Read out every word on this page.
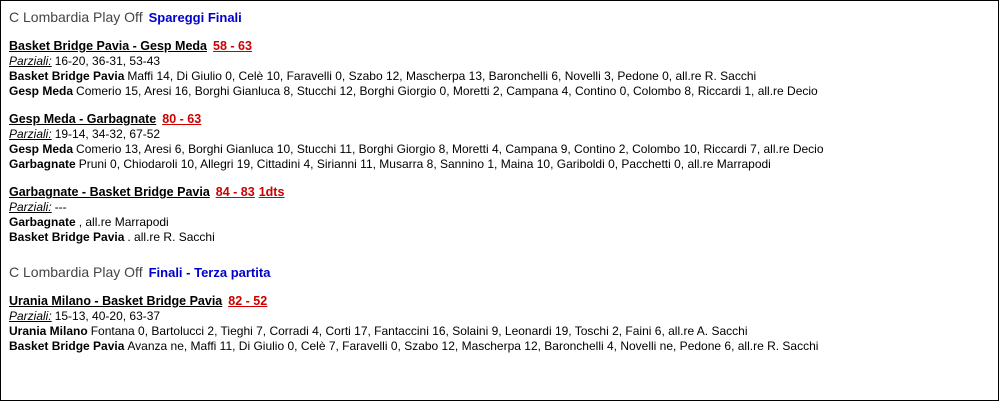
C Lombardia Play Off Spareggi Finali
Basket Bridge Pavia - Gesp Meda 58 - 63
Parziali: 16-20, 36-31, 53-43
Basket Bridge Pavia Maffi 14, Di Giulio 0, Celè 10, Faravelli 0, Szabo 12, Mascherpa 13, Baronchelli 6, Novelli 3, Pedone 0, all.re R. Sacchi
Gesp Meda Comerio 15, Aresi 16, Borghi Gianluca 8, Stucchi 12, Borghi Giorgio 0, Moretti 2, Campana 4, Contino 0, Colombo 8, Riccardi 1, all.re Decio
Gesp Meda - Garbagnate 80 - 63
Parziali: 19-14, 34-32, 67-52
Gesp Meda Comerio 13, Aresi 6, Borghi Gianluca 10, Stucchi 11, Borghi Giorgio 8, Moretti 4, Campana 9, Contino 2, Colombo 10, Riccardi 7, all.re Decio
Garbagnate Pruni 0, Chiodaroli 10, Allegri 19, Cittadini 4, Sirianni 11, Musarra 8, Sannino 1, Maina 10, Gariboldi 0, Pacchetti 0, all.re Marrapodi
Garbagnate - Basket Bridge Pavia 84 - 83 1dts
Parziali: ---
Garbagnate , all.re Marrapodi
Basket Bridge Pavia . all.re R. Sacchi
C Lombardia Play Off Finali - Terza partita
Urania Milano - Basket Bridge Pavia 82 - 52
Parziali: 15-13, 40-20, 63-37
Urania Milano Fontana 0, Bartolucci 2, Tieghi 7, Corradi 4, Corti 17, Fantaccini 16, Solaini 9, Leonardi 19, Toschi 2, Faini 6, all.re A. Sacchi
Basket Bridge Pavia Avanza ne, Maffi 11, Di Giulio 0, Celè 7, Faravelli 0, Szabo 12, Mascherpa 12, Baronchelli 4, Novelli ne, Pedone 6, all.re R. Sacchi
